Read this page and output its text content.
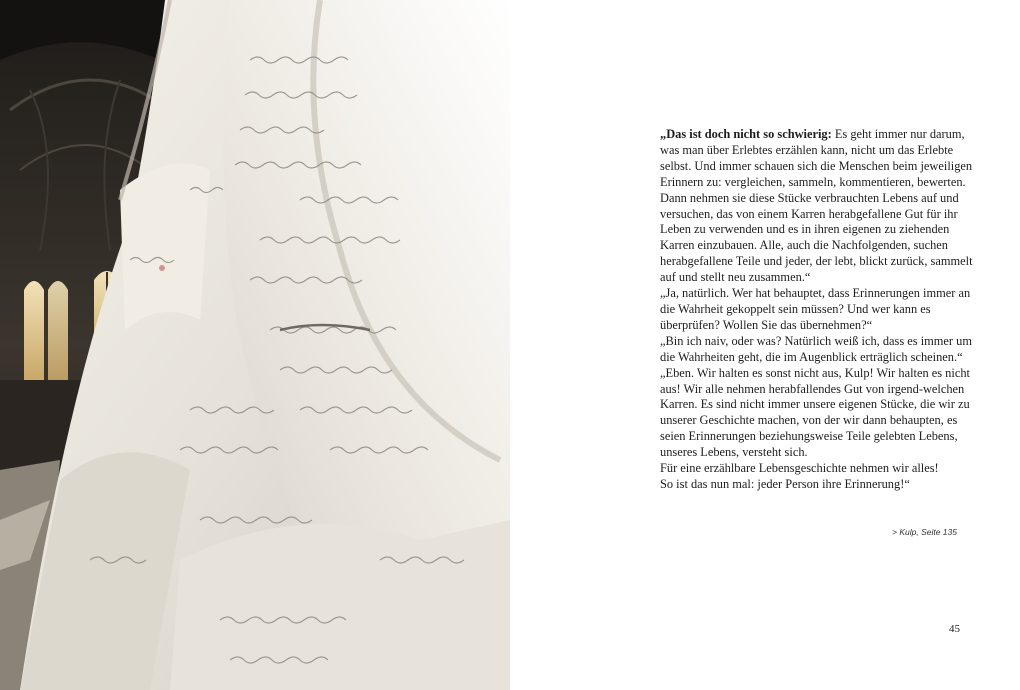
„Das ist doch nicht so schwierig: Es geht immer nur darum, was man über Erlebtes erzählen kann, nicht um das Erlebte selbst. Und immer schauen sich die Menschen beim jeweiligen Erinnern zu: vergleichen, sammeln, kommentieren, bewerten. Dann nehmen sie diese Stücke verbrauchten Lebens auf und versuchen, das von einem Karren herabgefallene Gut für ihr Leben zu verwenden und es in ihren eigenen zu ziehenden Karren einzubauen. Alle, auch die Nachfolgenden, suchen herabgefallene Teile und jeder, der lebt, blickt zurück, sammelt auf und stellt neu zusammen.“

„Ja, natürlich. Wer hat behauptet, dass Erinnerungen immer an die Wahrheit gekoppelt sein müssen? Und wer kann es überprüfen? Wollen Sie das übernehmen?“

„Bin ich naiv, oder was? Natürlich weiß ich, dass es immer um die Wahrheiten geht, die im Augenblick erträglich scheinen.“

„Eben. Wir halten es sonst nicht aus, Kulp! Wir halten es nicht aus! Wir alle nehmen herabfallendes Gut von irgend-welchen Karren. Es sind nicht immer unsere eigenen Stücke, die wir zu unserer Geschichte machen, von der wir dann behaupten, es seien Erinnerungen beziehungsweise Teile gelebten Lebens, unseres Lebens, versteht sich.

Für eine erzählbare Lebensgeschichte nehmen wir alles!

So ist das nun mal: jeder Person ihre Erinnerung!“

> Kulp, Seite 135
45
